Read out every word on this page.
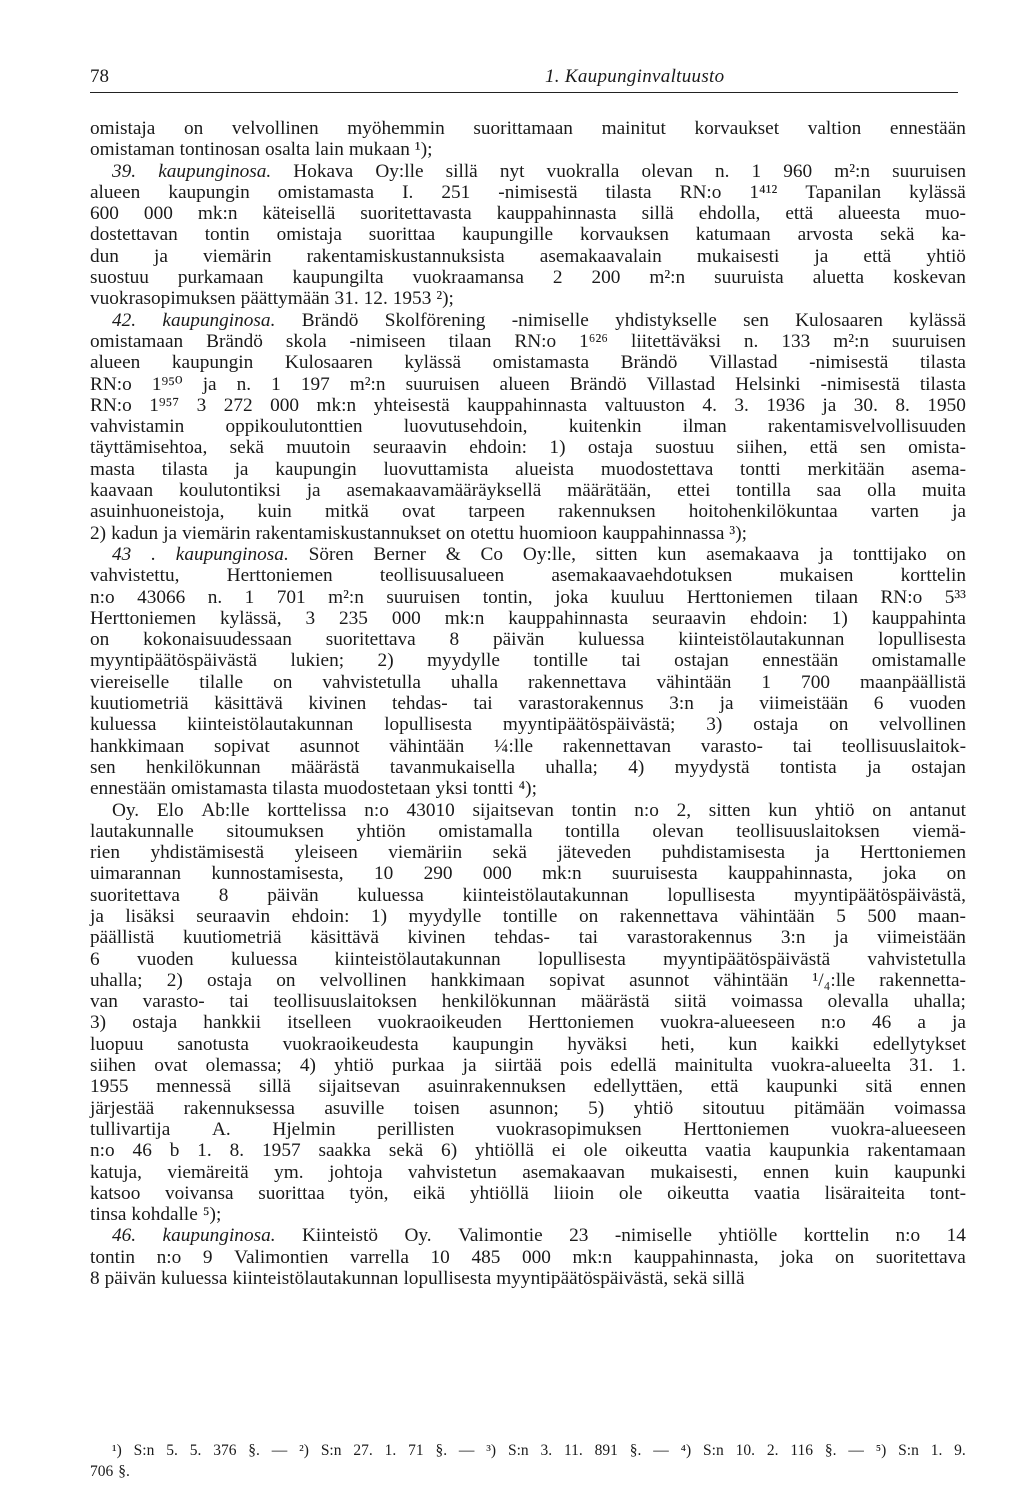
78	1. Kaupunginvaltuusto
omistaja on velvollinen myöhemmin suorittamaan mainitut korvaukset valtion ennestään
omistaman tontinosan osalta lain mukaan ¹);
39. kaupunginosa. Hokava Oy:lle sillä nyt vuokralla olevan n. 1 960 m²:n suuruisen
alueen kaupungin omistamasta I. 251 -nimisestä tilasta RN:o 1⁴¹² Tapanilan kylässä
600 000 mk:n käteisellä suoritettavasta kauppahinnasta sillä ehdolla, että alueesta muo-
dostettavan tontin omistaja suorittaa kaupungille korvauksen katumaan arvosta sekä ka-
dun ja viemärin rakentamiskustannuksista asemakaavalain mukaisesti ja että yhtiö
suostuu purkamaan kaupungilta vuokraamansa 2 200 m²:n suuruista aluetta koskevan
vuokrasopimuksen päättymään 31. 12. 1953 ²);
42. kaupunginosa. Brändö Skolförening -nimiselle yhdistykselle sen Kulosaaren kylässä
omistamaan Brändö skola -nimiseen tilaan RN:o 1⁶²⁶ liitettäväksi n. 133 m²:n suuruisen
alueen kaupungin Kulosaaren kylässä omistamasta Brändö Villastad -nimisestä tilasta
RN:o 1⁹⁵⁰ ja n. 1 197 m²:n suuruisen alueen Brändö Villastad Helsinki -nimisestä tilasta
RN:o 1⁹⁵⁷ 3 272 000 mk:n yhteisestä kauppahinnasta valtuuston 4. 3. 1936 ja 30. 8. 1950
vahvistamin oppikoulutonttien luovutusehdoin, kuitenkin ilman rakentamisvelvollisuuden
täyttämisehtoa, sekä muutoin seuraavin ehdoin: 1) ostaja suostuu siihen, että sen omista-
masta tilasta ja kaupungin luovuttamista alueista muodostettava tontti merkitään asema-
kaavaan koulutontiksi ja asemakaavamääräyksellä määrätään, ettei tontilla saa olla muita
asuinhuoneistoja, kuin mitkä ovat tarpeen rakennuksen hoitohenkilökuntaa varten ja
2) kadun ja viemärin rakentamiskustannukset on otettu huomioon kauppahinnassa ³);
43 . kaupunginosa. Sören Berner & Co Oy:lle, sitten kun asemakaava ja tonttijako on
vahvistettu, Herttoniemen teollisuusalueen asemakaavaehdotuksen mukaisen korttelin
n:o 43066 n. 1 701 m²:n suuruisen tontin, joka kuuluu Herttoniemen tilaan RN:o 5³³
Herttoniemen kylässä, 3 235 000 mk:n kauppahinnasta seuraavin ehdoin: 1) kauppahinta
on kokonaisuudessaan suoritettava 8 päivän kuluessa kiinteistölautakunnan lopullisesta
myyntipäätöspäivästä lukien; 2) myydylle tontille tai ostajan ennestään omistamalle
viereiselle tilalle on vahvistetulla uhalla rakennettava vähintään 1 700 maanpäällistä
kuutiometriä käsittävä kivinen tehdas- tai varastorakennus 3:n ja viimeistään 6 vuoden
kuluessa kiinteistölautakunnan lopullisesta myyntipäätöspäivästä; 3) ostaja on velvollinen
hankkimaan sopivat asunnot vähintään ¼:lle rakennettavan varasto- tai teollisuuslaitok-
sen henkilökunnan määrästä tavanmukaisella uhalla; 4) myydystä tontista ja ostajan
ennestään omistamasta tilasta muodostetaan yksi tontti ⁴);
Oy. Elo Ab:lle korttelissa n:o 43010 sijaitsevan tontin n:o 2, sitten kun yhtiö on antanut
lautakunnalle sitoumuksen yhtiön omistamalla tontilla olevan teollisuuslaitoksen viemä-
rien yhdistämisestä yleiseen viemäriin sekä jäteveden puhdistamisesta ja Herttoniemen
uimarannan kunnostamisesta, 10 290 000 mk:n suuruisesta kauppahinnasta, joka on
suoritettava 8 päivän kuluessa kiinteistölautakunnan lopullisesta myyntipäätöspäivästä,
ja lisäksi seuraavin ehdoin: 1) myydylle tontille on rakennettava vähintään 5 500 maan-
päällistä kuutiometriä käsittävä kivinen tehdas- tai varastorakennus 3:n ja viimeistään
6 vuoden kuluessa kiinteistölautakunnan lopullisesta myyntipäätöspäivästä vahvistetulla
uhalla; 2) ostaja on velvollinen hankkimaan sopivat asunnot vähintään ¹/₄:lle rakennetta-
van varasto- tai teollisuuslaitoksen henkilökunnan määrästä siitä voimassa olevalla uhalla;
3) ostaja hankkii itselleen vuokraoikeuden Herttoniemen vuokra-alueeseen n:o 46 a ja
luopuu sanotusta vuokraoikeudesta kaupungin hyväksi heti, kun kaikki edellytykset
siihen ovat olemassa; 4) yhtiö purkaa ja siirtää pois edellä mainitulta vuokra-alueelta 31. 1.
1955 mennessä sillä sijaitsevan asuinrakennuksen edellyttäen, että kaupunki sitä ennen
järjestää rakennuksessa asuville toisen asunnon; 5) yhtiö sitoutuu pitämään voimassa
tullivartija A. Hjelmin perillisten vuokrasopimuksen Herttoniemen vuokra-alueeseen
n:o 46 b 1. 8. 1957 saakka sekä 6) yhtiöllä ei ole oikeutta vaatia kaupunkia rakentamaan
katuja, viemäreitä ym. johtoja vahvistetun asemakaavan mukaisesti, ennen kuin kaupunki
katsoo voivansa suorittaa työn, eikä yhtiöllä liioin ole oikeutta vaatia lisäraiteita tont-
tinsa kohdalle ⁵);
46. kaupunginosa. Kiinteistö Oy. Valimontie 23 -nimiselle yhtiölle korttelin n:o 14
tontin n:o 9 Valimontien varrella 10 485 000 mk:n kauppahinnasta, joka on suoritettava
8 päivän kuluessa kiinteistölautakunnan lopullisesta myyntipäätöspäivästä, sekä sillä
¹) S:n 5. 5. 376 §. — ²) S:n 27. 1. 71 §. — ³) S:n 3. 11. 891 §. — ⁴) S:n 10. 2. 116 §. — ⁵) S:n 1. 9.
706 §.
